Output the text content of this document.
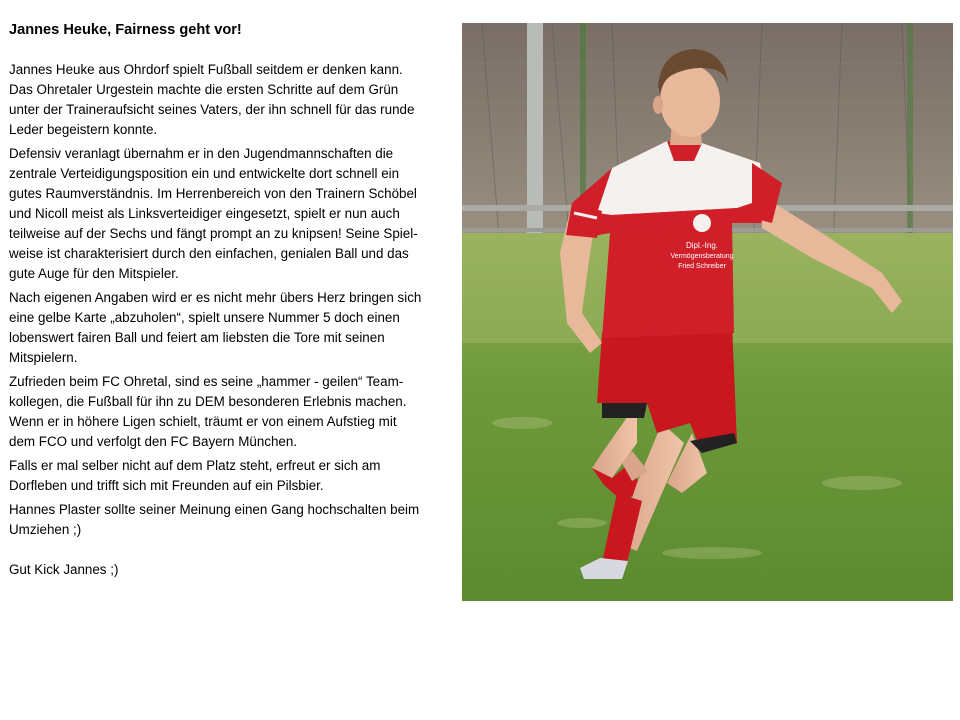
Jannes Heuke, Fairness geht vor!
Jannes Heuke aus Ohrdorf spielt Fußball seitdem er denken kann.
Das Ohretaler Urgestein machte die ersten Schritte auf dem Grün
unter der Traineraufsicht seines Vaters, der ihn schnell für das runde
Leder begeistern konnte.
Defensiv veranlagt übernahm er in den Jugendmannschaften die
zentrale Verteidigungsposition ein und entwickelte dort schnell ein
gutes Raumverständnis. Im Herrenbereich von den Trainern Schöbel
und Nicoll meist als Linksverteidiger eingesetzt, spielt er nun auch
teilweise auf der Sechs und fängt prompt an zu knipsen! Seine Spiel-
weise ist charakterisiert durch den einfachen, genialen Ball und das
gute Auge für den Mitspieler.
Nach eigenen Angaben wird er es nicht mehr übers Herz bringen sich
eine gelbe Karte „abzuholen“, spielt unsere Nummer 5 doch einen
lobenswert fairen Ball und feiert am liebsten die Tore mit seinen
Mitspielern.
Zufrieden beim FC Ohretal, sind es seine „hammer - geilen“ Team-
kollegen, die Fußball für ihn zu DEM besonderen Erlebnis machen.
Wenn er in höhere Ligen schielt, träumt er von einem Aufstieg mit
dem FCO und verfolgt den FC Bayern München.
Falls er mal selber nicht auf dem Platz steht, erfreut er sich am
Dorfleben und trifft sich mit Freunden auf ein Pilsbier.
Hannes Plaster sollte seiner Meinung einen Gang hochschalten beim
Umziehen ;)
Gut Kick Jannes ;)
Dipl.-Ing.
Vermögensberatung
Fried Schreiber
